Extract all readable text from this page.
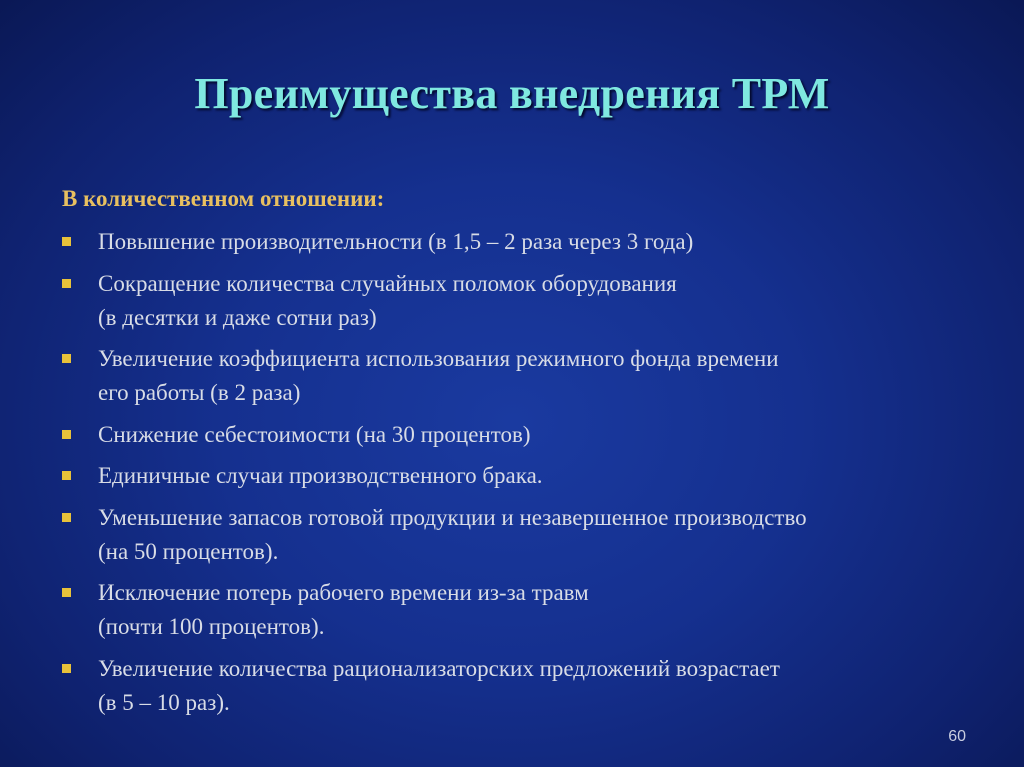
Преимущества внедрения ТРМ
В количественном отношении:
Повышение производительности (в 1,5 – 2 раза через 3 года)
Сокращение количества случайных поломок оборудования
(в десятки и даже сотни раз)
Увеличение коэффициента использования режимного фонда времени
его работы (в 2 раза)
Снижение себестоимости (на 30 процентов)
Единичные случаи производственного брака.
Уменьшение запасов готовой продукции и незавершенное производство
(на 50 процентов).
Исключение потерь рабочего времени из-за травм
(почти 100 процентов).
Увеличение количества рационализаторских предложений возрастает
(в 5 – 10 раз).
60
